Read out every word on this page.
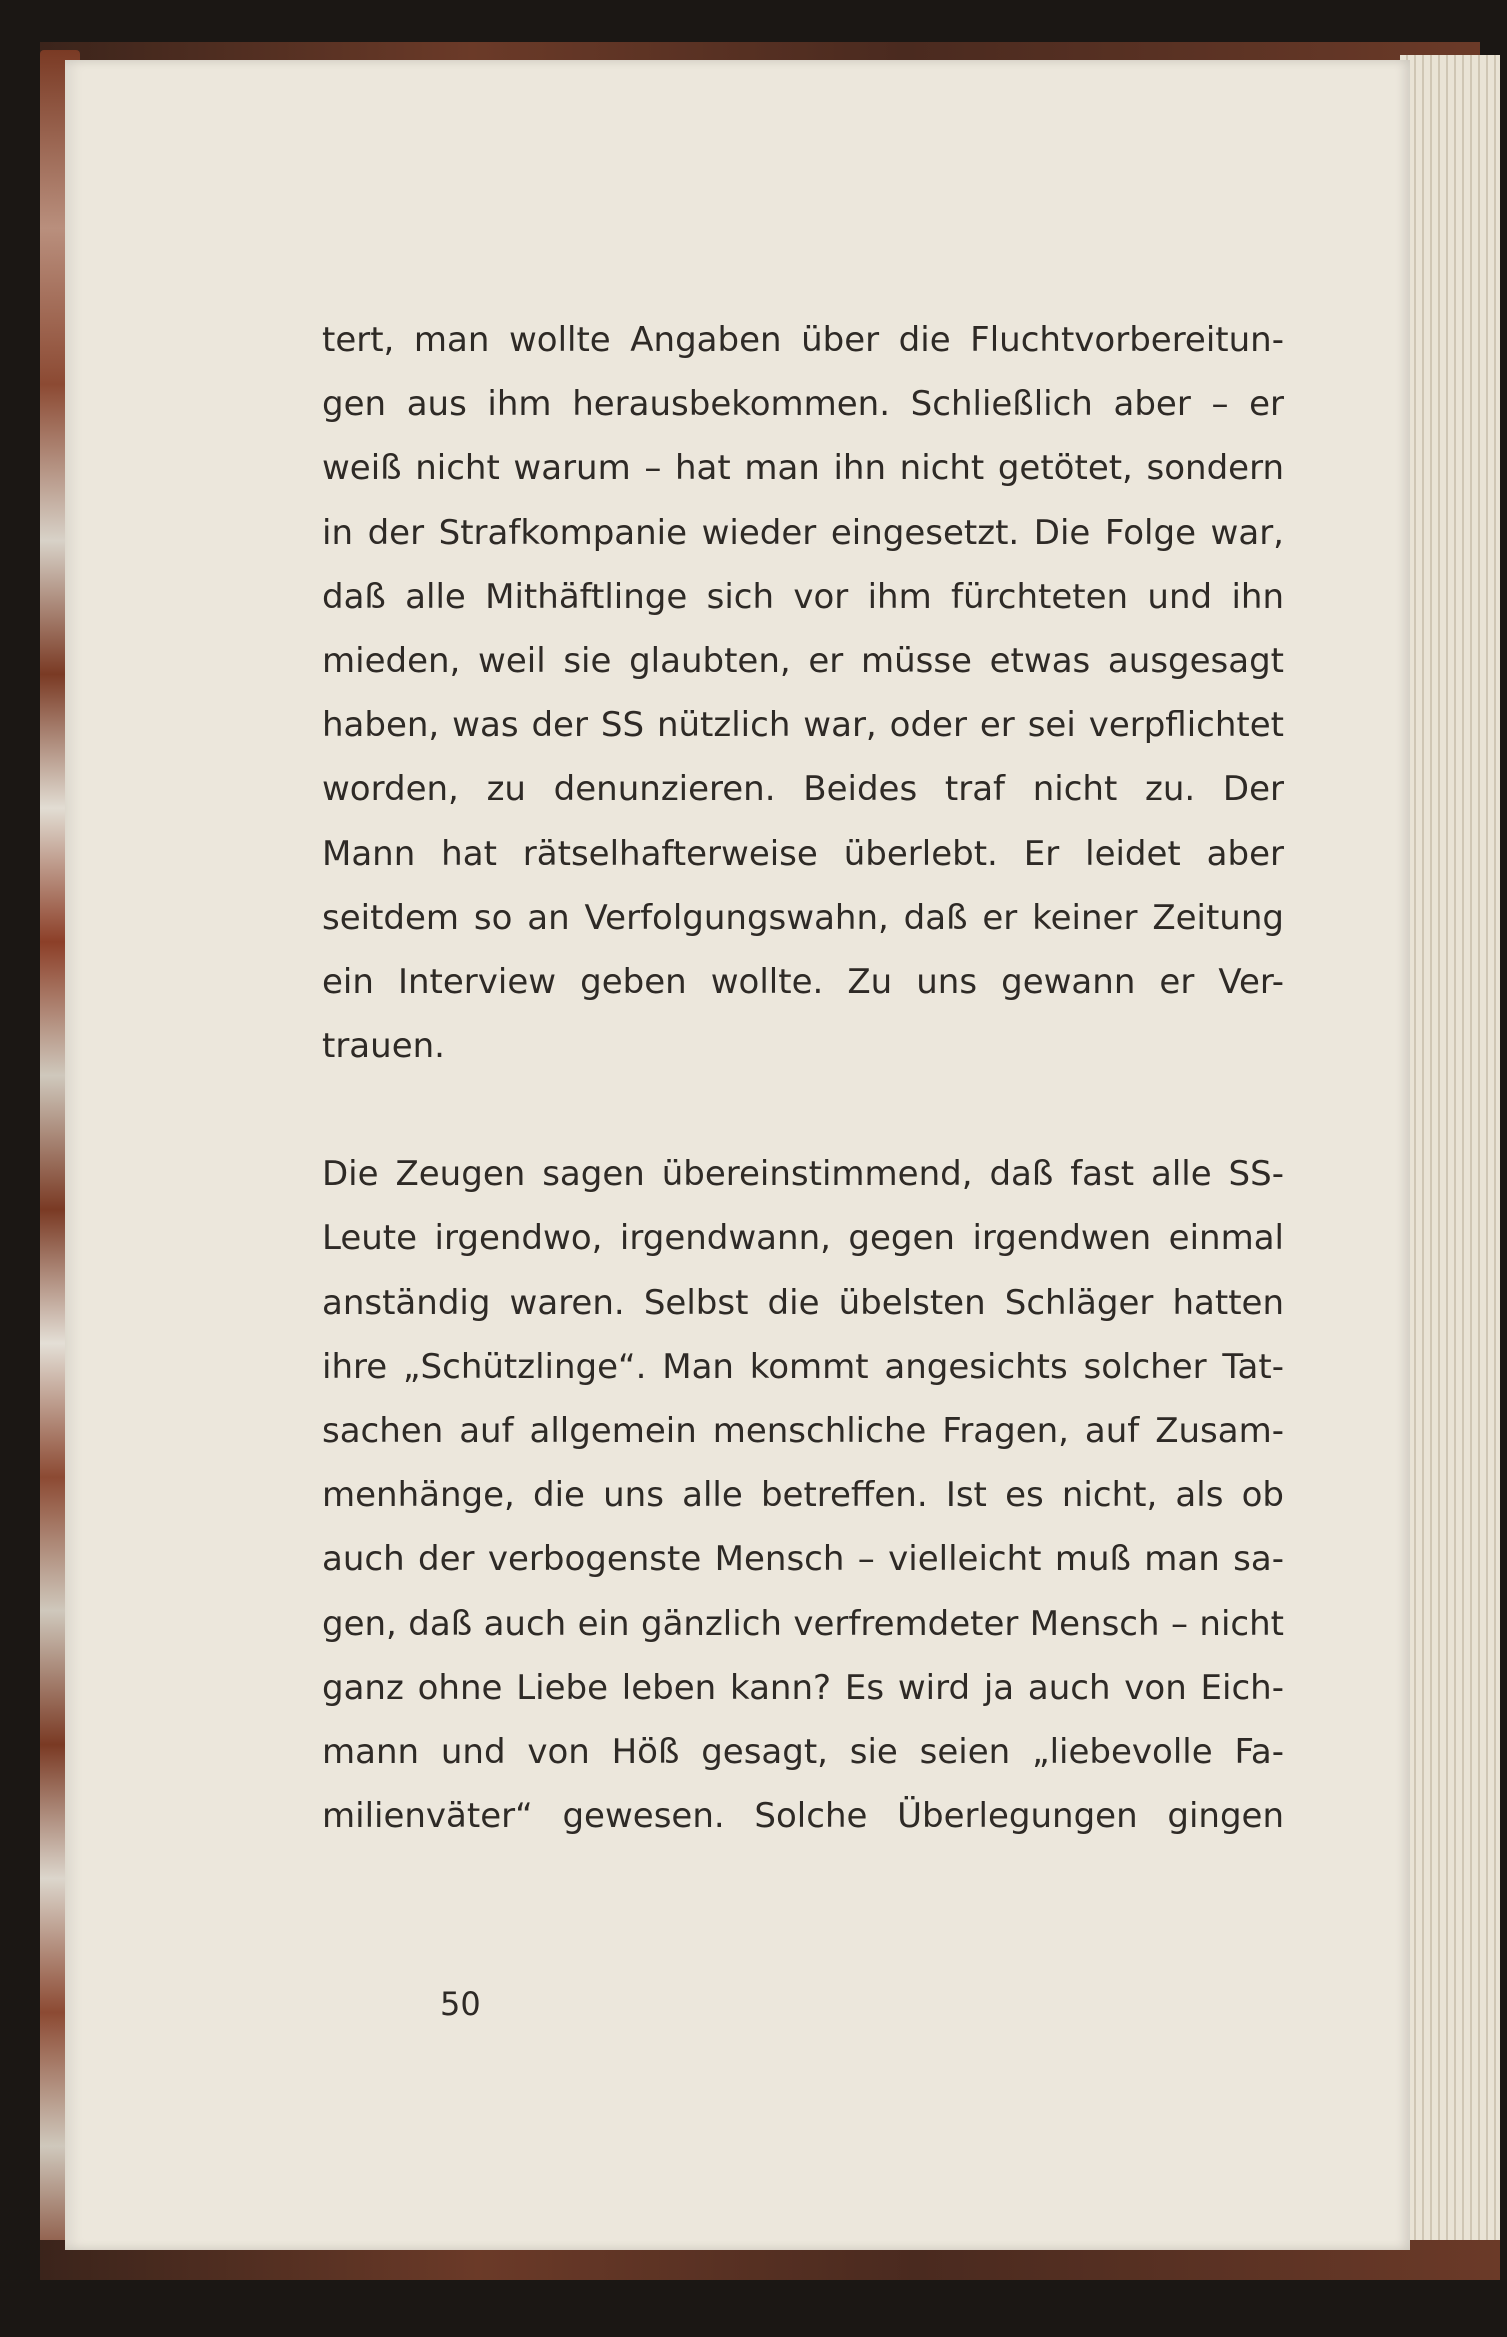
tert, man wollte Angaben über die Fluchtvorbereitun-
gen aus ihm herausbekommen. Schließlich aber – er
weiß nicht warum – hat man ihn nicht getötet, sondern
in der Strafkompanie wieder eingesetzt. Die Folge war,
daß alle Mithäftlinge sich vor ihm fürchteten und ihn
mieden, weil sie glaubten, er müsse etwas ausgesagt
haben, was der SS nützlich war, oder er sei verpflichtet
worden, zu denunzieren. Beides traf nicht zu. Der
Mann hat rätselhafterweise überlebt. Er leidet aber
seitdem so an Verfolgungswahn, daß er keiner Zeitung
ein Interview geben wollte. Zu uns gewann er Ver-
trauen.
Die Zeugen sagen übereinstimmend, daß fast alle SS-
Leute irgendwo, irgendwann, gegen irgendwen einmal
anständig waren. Selbst die übelsten Schläger hatten
ihre „Schützlinge“. Man kommt angesichts solcher Tat-
sachen auf allgemein menschliche Fragen, auf Zusam-
menhänge, die uns alle betreffen. Ist es nicht, als ob
auch der verbogenste Mensch – vielleicht muß man sa-
gen, daß auch ein gänzlich verfremdeter Mensch – nicht
ganz ohne Liebe leben kann? Es wird ja auch von Eich-
mann und von Höß gesagt, sie seien „liebevolle Fa-
milienväter“ gewesen. Solche Überlegungen gingen
50
